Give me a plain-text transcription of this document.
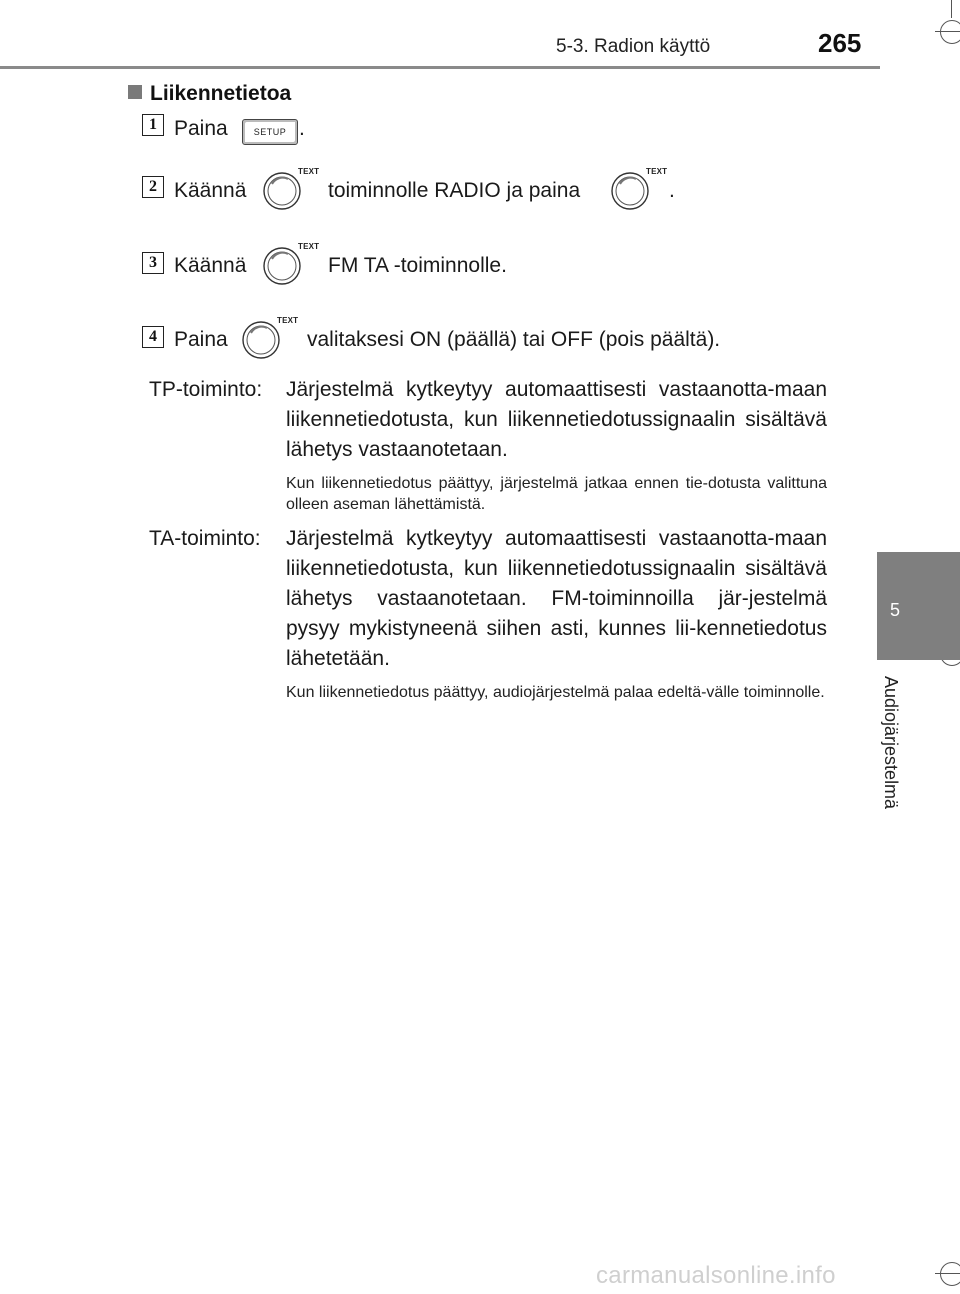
5-3. Radion käyttö	265
5
Audiojärjestelmä
Liikennetietoa
1 Paina	SETUP .
2 Käännä
TEXT
toiminnolle RADIO ja paina
TEXT
.
3 Käännä
TEXT
FM TA -toiminnolle.
4 Paina
TEXT
valitaksesi ON (päällä) tai OFF (pois päältä).
TP-toiminto: Järjestelmä kytkeytyy automaattisesti vastaanotta-maan liikennetiedotusta, kun liikennetiedotussignaalin sisältävä lähetys vastaanotetaan.
Kun liikennetiedotus päättyy, järjestelmä jatkaa ennen tie-dotusta valittuna olleen aseman lähettämistä.
TA-toiminto: Järjestelmä kytkeytyy automaattisesti vastaanotta-maan liikennetiedotusta, kun liikennetiedotussignaalin sisältävä lähetys vastaanotetaan. FM-toiminnoilla jär-jestelmä pysyy mykistyneenä siihen asti, kunnes lii-kennetiedotus lähetetään.
Kun liikennetiedotus päättyy, audiojärjestelmä palaa edeltä-välle toiminnolle.
carmanualsonline.info
